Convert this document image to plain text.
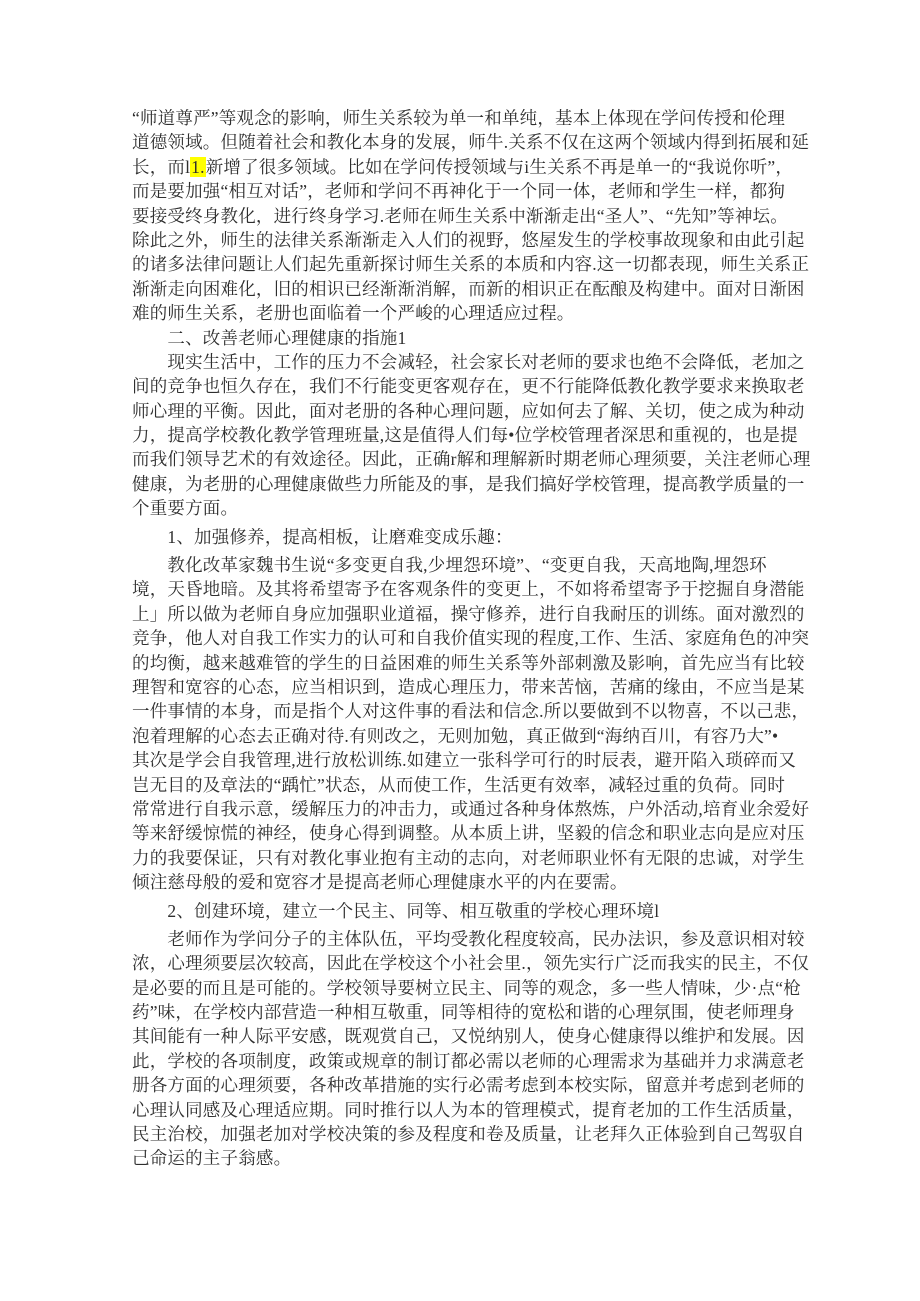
“师道尊严”等观念的影响，师生关系较为单一和单纯，基本上体现在学问传授和伦理
道德领域。但随着社会和教化本身的发展，师牛.关系不仅在这两个领域内得到拓展和延
长，而l1.新增了很多领域。比如在学问传授领域与i生关系不再是单一的“我说你听”，
而是要加强“相互对话”，老师和学问不再神化于一个同一体，老师和学生一样，都狗
要接受终身教化，进行终身学习.老师在师生关系中渐渐走出“圣人”、“先知”等神坛。
除此之外，师生的法律关系渐渐走入人们的视野，悠屋发生的学校事故现象和由此引起
的诸多法律问题让人们起先重新探讨师生关系的本质和内容.这一切都表现，师生关系正
渐渐走向困难化，旧的相识已经渐渐消解，而新的相识正在酝酿及构建中。面对日渐困
难的师生关系，老册也面临着一个严峻的心理适应过程。
　　二、改善老师心理健康的指施1
　　现实生活中，工作的压力不会减轻，社会家长对老师的要求也绝不会降低，老加之
间的竞争也恒久存在，我们不行能变更客观存在，更不行能降低教化教学要求来换取老
师心理的平衡。因此，面对老册的各种心理问题，应如何去了解、关切，使之成为种动
力，提高学校教化教学管理班量,这是值得人们每•位学校管理者深思和重视的，也是提
而我们领导艺术的有效途径。因此，正确r解和理解新时期老师心理须要，关注老师心理
健康，为老册的心理健康做些力所能及的事，是我们搞好学校管理，提高教学质量的一
个重要方面。
　　1、加强修养，提高相板，让磨难变成乐趣：
　　教化改革家魏书生说“多变更自我,少埋怨环境”、“变更自我，天高地陶,埋怨环
境，天昏地暗。及其将希望寄予在客观条件的变更上，不如将希望寄予于挖掘自身潜能
上」所以做为老师自身应加强职业道福，操守修养，进行自我耐压的训练。面对激烈的
竞争，他人对自我工作实力的认可和自我价值实现的程度,工作、生活、家庭角色的冲突
的均衡，越来越难管的学生的日益困难的师生关系等外部刺激及影响，首先应当有比较
理智和宽容的心态，应当相识到，造成心理压力，带来苦恼，苦痛的缘由，不应当是某
一件事情的本身，而是指个人对这件事的看法和信念.所以要做到不以物喜，不以己悲，
泡着理解的心态去正确对待.有则改之，无则加勉，真正做到“海纳百川，有容乃大”•
其次是学会自我管理,进行放松训练.如建立一张科学可行的时辰表，避开陷入琐碎而又
岂无目的及章法的“踽忙”状态，从而使工作，生活更有效率，减轻过重的负荷。同时
常常进行自我示意，缓解压力的冲击力，或通过各种身体熬炼，户外活动,培育业余爱好
等来舒缓惊慌的神经，使身心得到调整。从本质上讲，坚毅的信念和职业志向是应对压
力的我要保证，只有对教化事业抱有主动的志向，对老师职业怀有无限的忠诚，对学生
倾注慈母般的爱和宽容才是提高老师心理健康水平的内在要需。
　　2、创建环境，建立一个民主、同等、相互敬重的学校心理环境l
　　老师作为学问分子的主体队伍，平均受教化程度较高，民办法识，参及意识相对较
浓，心理须要层次较高，因此在学校这个小社会里.，领先实行广泛而我实的民主，不仅
是必要的而且是可能的。学校领导要树立民主、同等的观念，多一些人情味，少·点“枪
药”味，在学校内部营造一种相互敬重，同等相待的宽松和谐的心理氛围，使老师理身
其间能有一种人际平安感，既观赏自己，又悦纳别人，使身心健康得以维护和发展。因
此，学校的各项制度，政策或规章的制订都必需以老师的心理需求为基础并力求满意老
册各方面的心理须要，各种改革措施的实行必需考虑到本校实际，留意并考虑到老师的
心理认同感及心理适应期。同时推行以人为本的管理模式，提育老加的工作生活质量，
民主治校，加强老加对学校决策的参及程度和卷及质量，让老拜久正体验到自己驾驭自
己命运的主子翁感。
